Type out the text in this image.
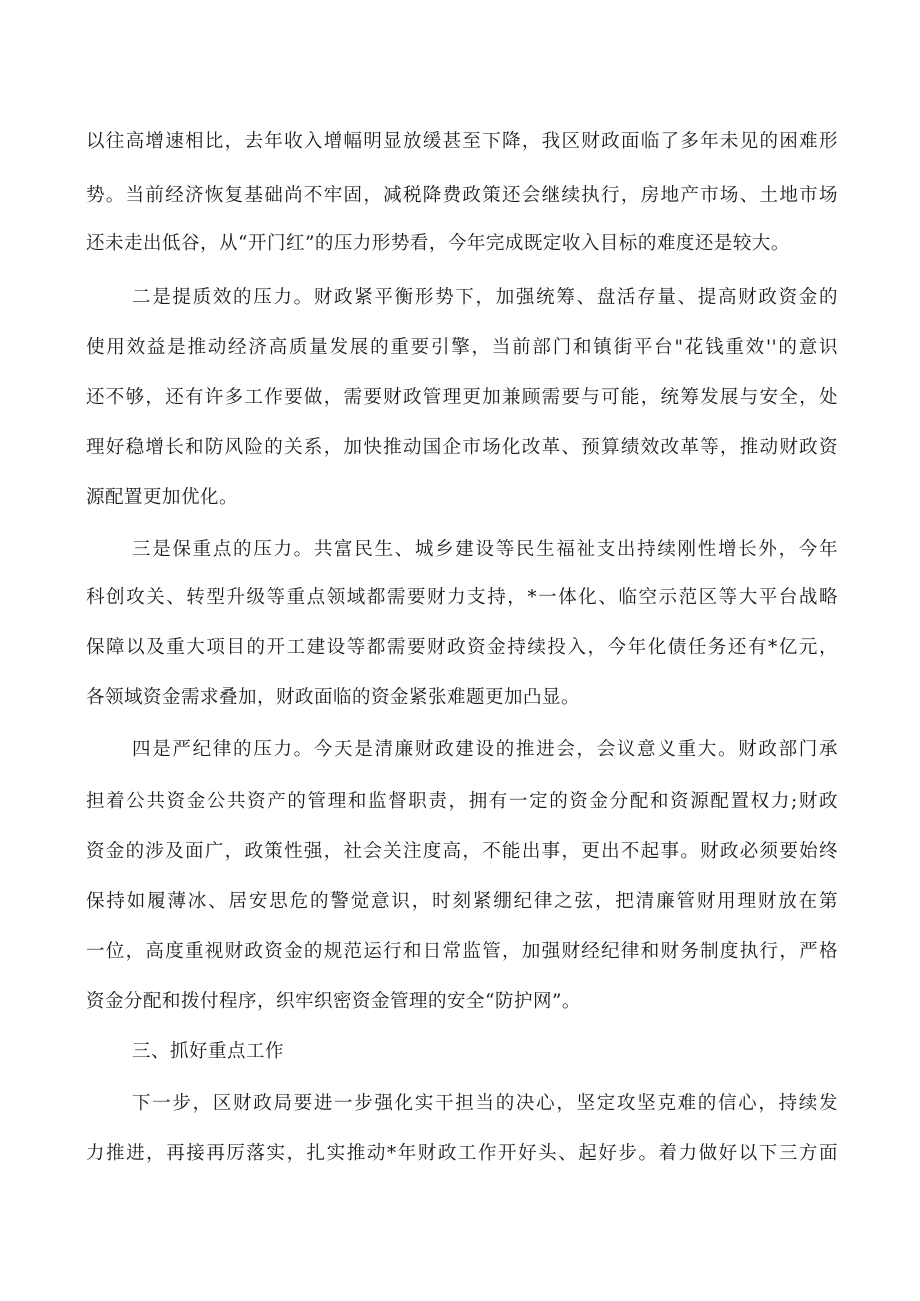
以往高增速相比，去年收入增幅明显放缓甚至下降，我区财政面临了多年未见的困难形
势。当前经济恢复基础尚不牢固，减税降费政策还会继续执行，房地产市场、土地市场
还未走出低谷，从“开门红”的压力形势看，今年完成既定收入目标的难度还是较大。
二是提质效的压力。财政紧平衡形势下，加强统筹、盘活存量、提高财政资金的
使用效益是推动经济高质量发展的重要引擎，当前部门和镇街平台"花钱重效''的意识
还不够，还有许多工作要做，需要财政管理更加兼顾需要与可能，统筹发展与安全，处
理好稳增长和防风险的关系，加快推动国企市场化改革、预算绩效改革等，推动财政资
源配置更加优化。
三是保重点的压力。共富民生、城乡建设等民生福祉支出持续刚性增长外，今年
科创攻关、转型升级等重点领域都需要财力支持，*一体化、临空示范区等大平台战略
保障以及重大项目的开工建设等都需要财政资金持续投入，今年化债任务还有*亿元，
各领域资金需求叠加，财政面临的资金紧张难题更加凸显。
四是严纪律的压力。今天是清廉财政建设的推进会，会议意义重大。财政部门承
担着公共资金公共资产的管理和监督职责，拥有一定的资金分配和资源配置权力;财政
资金的涉及面广，政策性强，社会关注度高，不能出事，更出不起事。财政必须要始终
保持如履薄冰、居安思危的警觉意识，时刻紧绷纪律之弦，把清廉管财用理财放在第
一位，高度重视财政资金的规范运行和日常监管，加强财经纪律和财务制度执行，严格
资金分配和拨付程序，织牢织密资金管理的安全“防护网”。
三、抓好重点工作
下一步，区财政局要进一步强化实干担当的决心，坚定攻坚克难的信心，持续发
力推进，再接再厉落实，扎实推动*年财政工作开好头、起好步。着力做好以下三方面
